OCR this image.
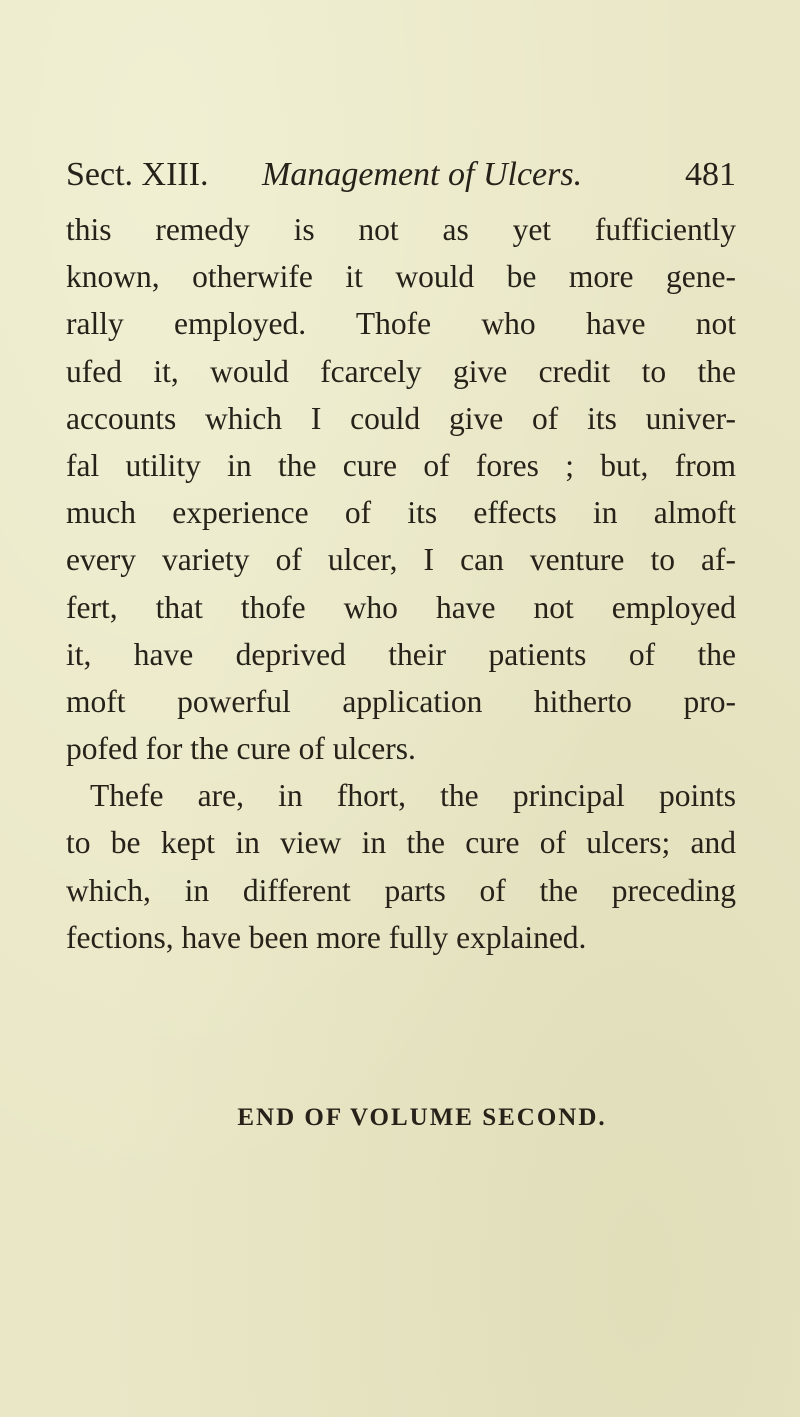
Sect. XIII. Management of Ulcers.	481
this remedy is not as yet fufficiently
known, otherwife it would be more gene-
rally employed. Thofe who have not
ufed it, would fcarcely give credit to the
accounts which I could give of its univer-
fal utility in the cure of fores ; but, from
much experience of its effects in almoft
every variety of ulcer, I can venture to af-
fert, that thofe who have not employed
it, have deprived their patients of the
moft powerful application hitherto pro-
pofed for the cure of ulcers.
Thefe are, in fhort, the principal points
to be kept in view in the cure of ulcers; and
which, in different parts of the preceding
fections, have been more fully explained.
END OF VOLUME SECOND.
